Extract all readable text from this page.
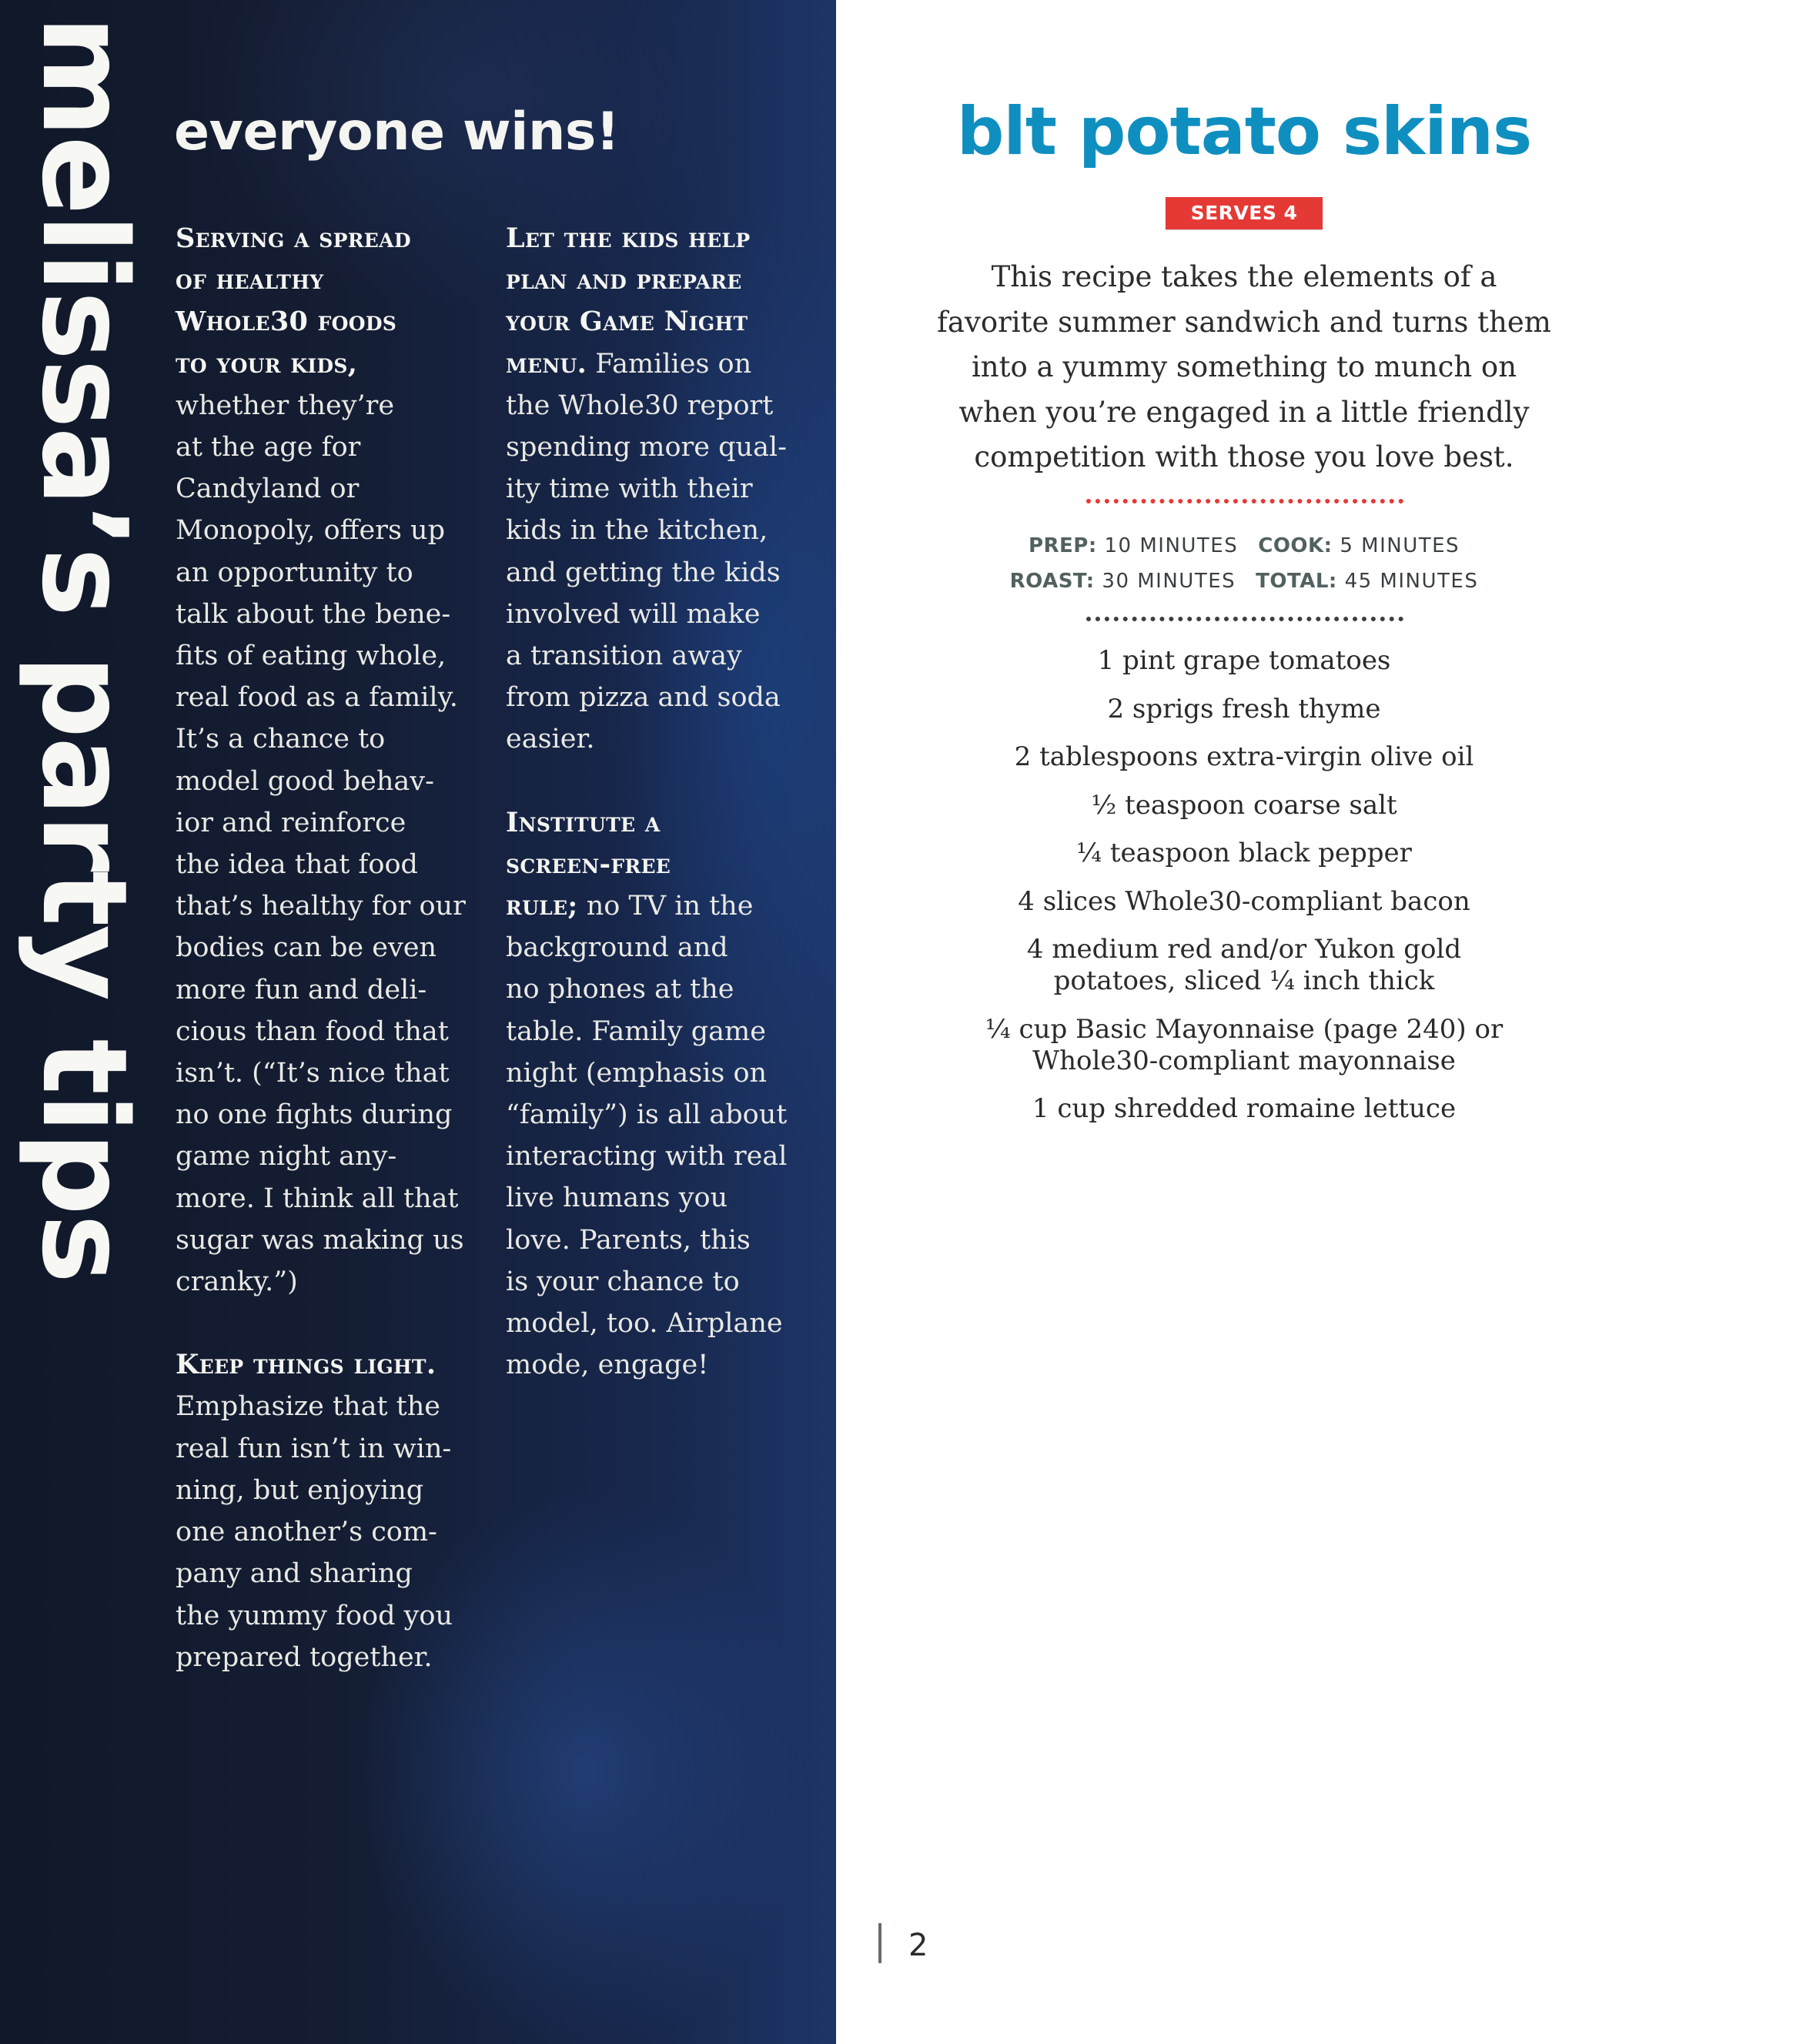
melissa’s party tips everyone wins!
Serving a spread
of healthy
Whole30 foods
to your kids,
whether they’re
at the age for
Candyland or
Monopoly, offers up
an opportunity to
talk about the bene-
fits of eating whole,
real food as a family.
It’s a chance to
model good behav-
ior and reinforce
the idea that food
that’s healthy for our
bodies can be even
more fun and deli-
cious than food that
isn’t. (“It’s nice that
no one fights during
game night any-
more. I think all that
sugar was making us
cranky.”)
Keep things light.
Emphasize that the
real fun isn’t in win-
ning, but enjoying
one another’s com-
pany and sharing
the yummy food you
prepared together.
Let the kids help
plan and prepare
your Game Night
menu. Families on
the Whole30 report
spending more qual-
ity time with their
kids in the kitchen,
and getting the kids
involved will make
a transition away
from pizza and soda
easier.
Institute a
screen-free
rule; no TV in the
background and
no phones at the
table. Family game
night (emphasis on
“family”) is all about
interacting with real
live humans you
love. Parents, this
is your chance to
model, too. Airplane
mode, engage!
blt potato skins
SERVES 4
This recipe takes the elements of a
favorite summer sandwich and turns them
into a yummy something to munch on
when you’re engaged in a little friendly
competition with those you love best.
PREP: 10 MINUTES COOK: 5 MINUTES
ROAST: 30 MINUTES TOTAL: 45 MINUTES
1 pint grape tomatoes
2 sprigs fresh thyme
2 tablespoons extra-virgin olive oil
½ teaspoon coarse salt
¼ teaspoon black pepper
4 slices Whole30-compliant bacon
4 medium red and/or Yukon gold
potatoes, sliced ¼ inch thick
¼ cup Basic Mayonnaise (page 240) or
Whole30-compliant mayonnaise
1 cup shredded romaine lettuce
2
